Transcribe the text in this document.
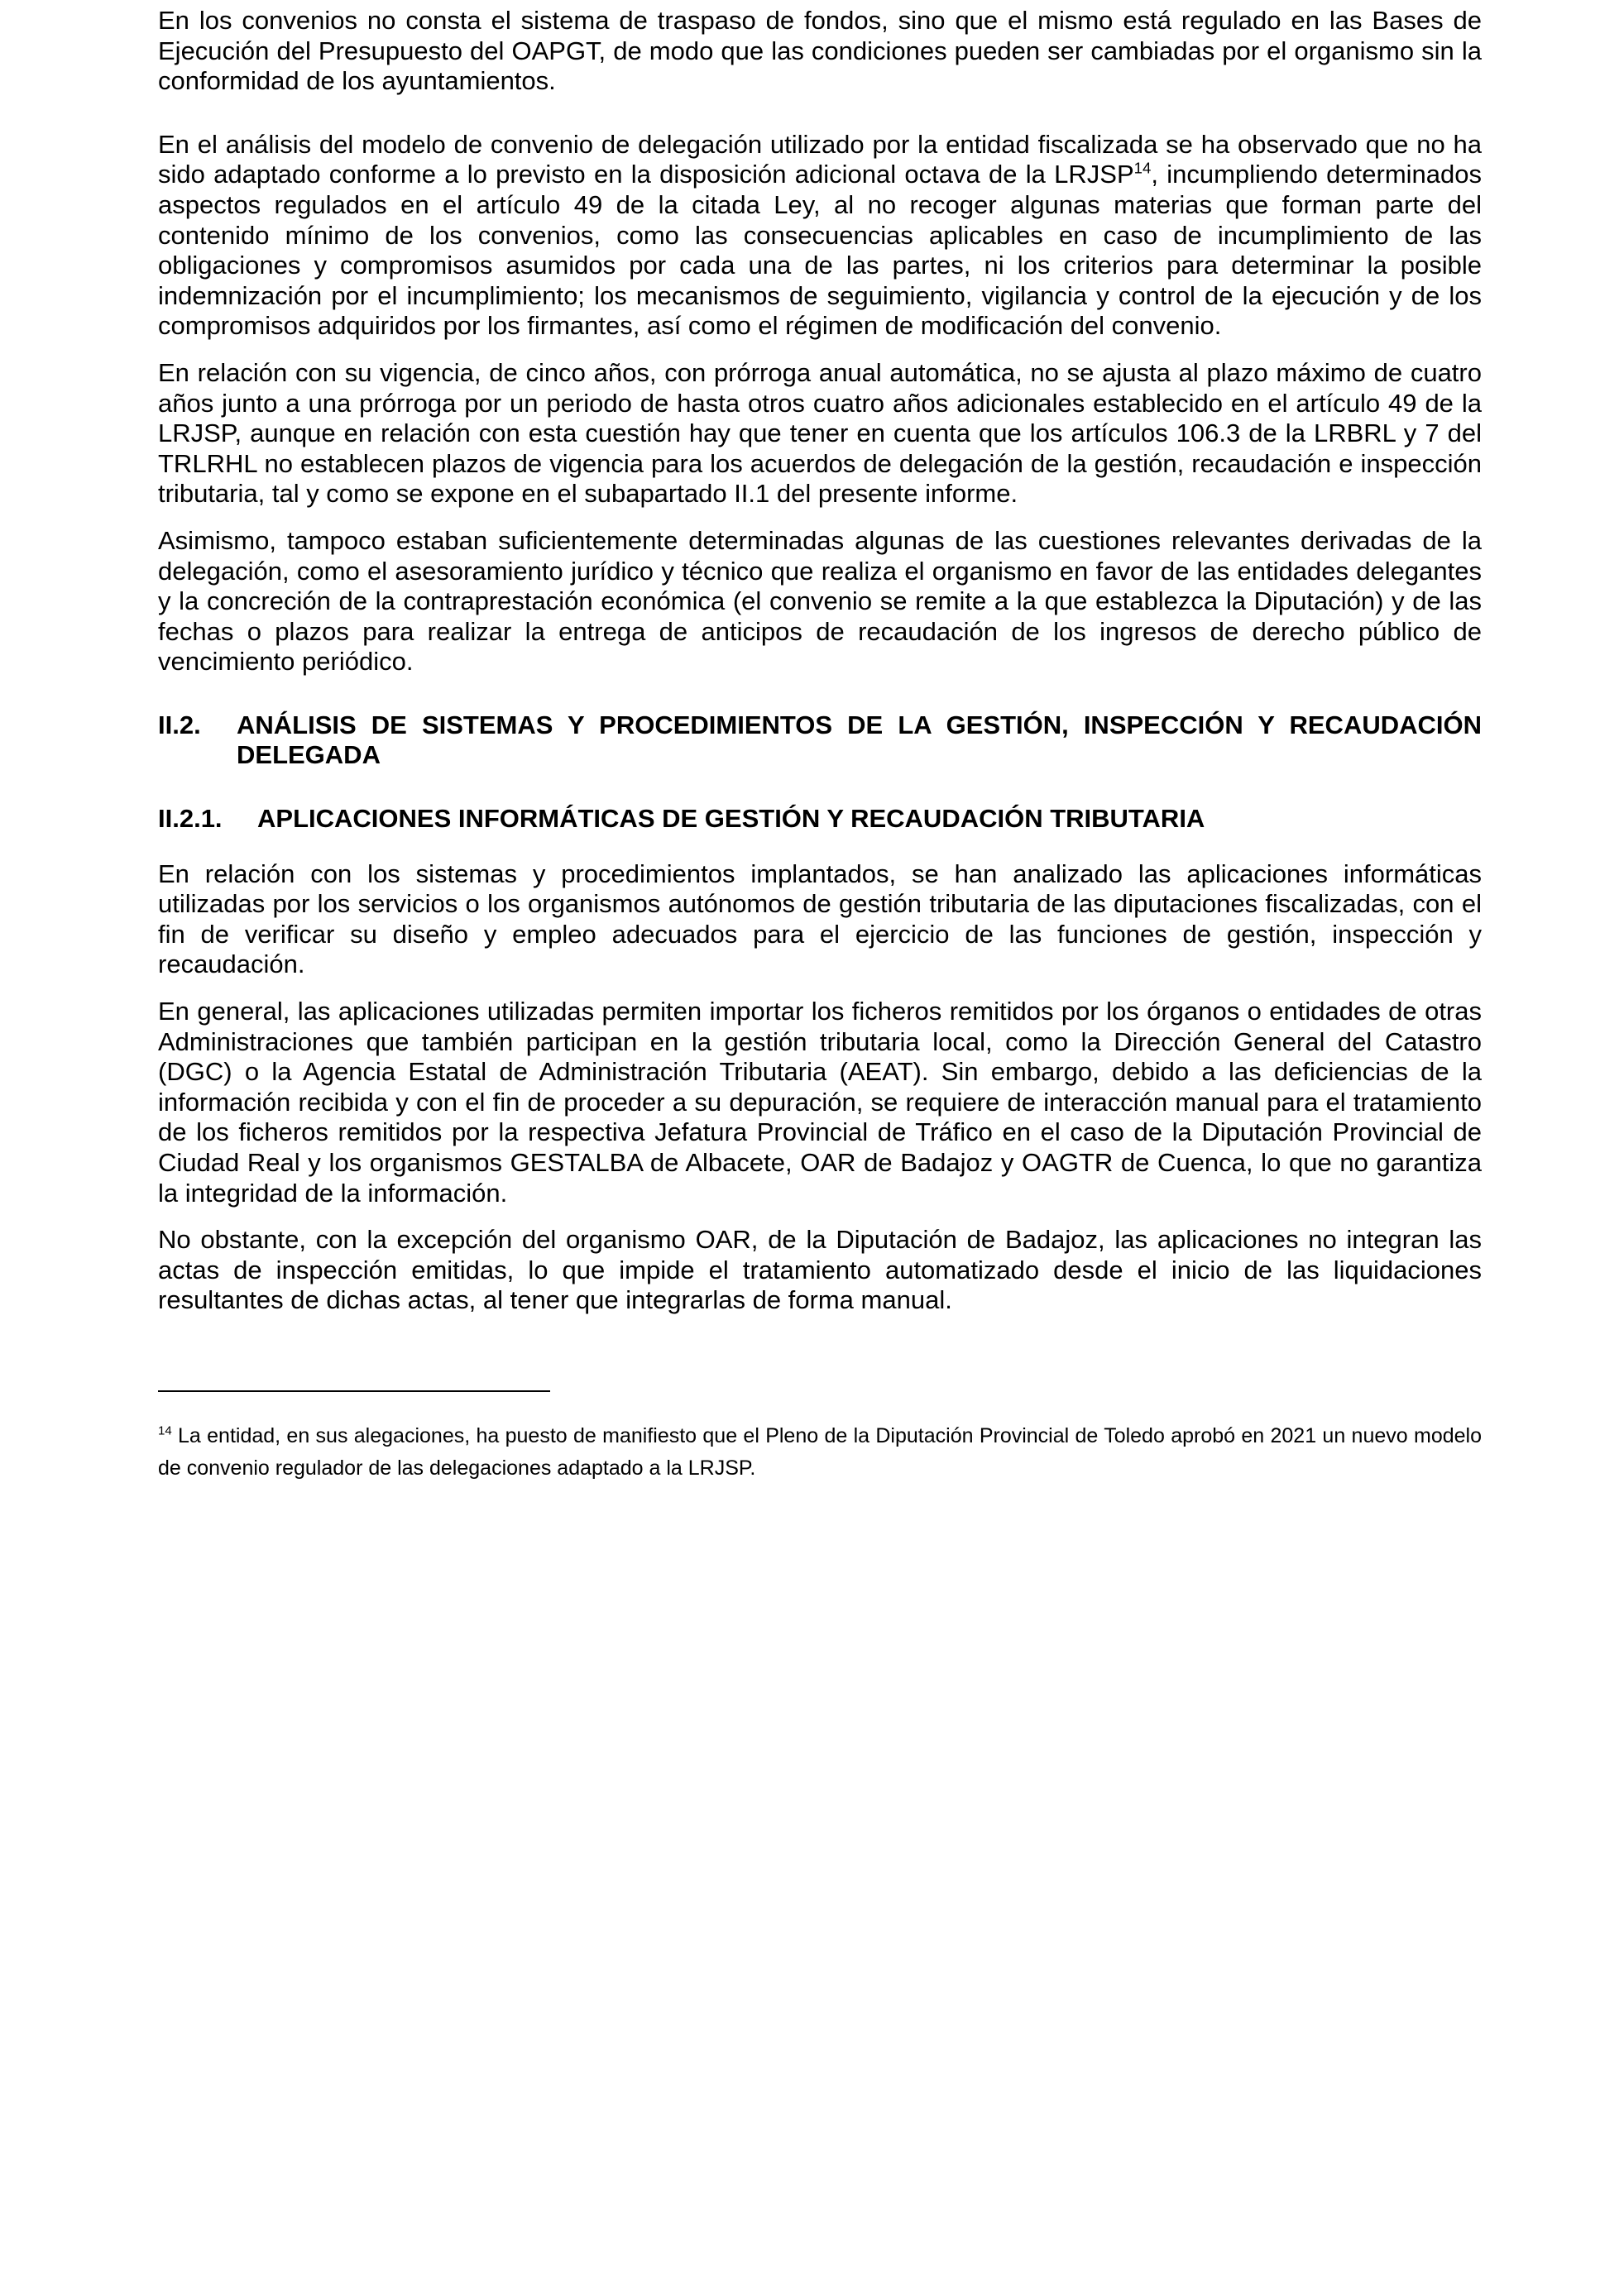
En los convenios no consta el sistema de traspaso de fondos, sino que el mismo está regulado en las Bases de Ejecución del Presupuesto del OAPGT, de modo que las condiciones pueden ser cambiadas por el organismo sin la conformidad de los ayuntamientos.

En el análisis del modelo de convenio de delegación utilizado por la entidad fiscalizada se ha observado que no ha sido adaptado conforme a lo previsto en la disposición adicional octava de la LRJSP$^{14}$, incumpliendo determinados aspectos regulados en el artículo 49 de la citada Ley, al no recoger algunas materias que forman parte del contenido mínimo de los convenios, como las consecuencias aplicables en caso de incumplimiento de las obligaciones y compromisos asumidos por cada una de las partes, ni los criterios para determinar la posible indemnización por el incumplimiento; los mecanismos de seguimiento, vigilancia y control de la ejecución y de los compromisos adquiridos por los firmantes, así como el régimen de modificación del convenio.

En relación con su vigencia, de cinco años, con prórroga anual automática, no se ajusta al plazo máximo de cuatro años junto a una prórroga por un periodo de hasta otros cuatro años adicionales establecido en el artículo 49 de la LRJSP, aunque en relación con esta cuestión hay que tener en cuenta que los artículos 106.3 de la LRBRL y 7 del TRLRHL no establecen plazos de vigencia para los acuerdos de delegación de la gestión, recaudación e inspección tributaria, tal y como se expone en el subapartado II.1 del presente informe.

Asimismo, tampoco estaban suficientemente determinadas algunas de las cuestiones relevantes derivadas de la delegación, como el asesoramiento jurídico y técnico que realiza el organismo en favor de las entidades delegantes y la concreción de la contraprestación económica (el convenio se remite a la que establezca la Diputación) y de las fechas o plazos para realizar la entrega de anticipos de recaudación de los ingresos de derecho público de vencimiento periódico.

II.2.	ANÁLISIS DE SISTEMAS Y PROCEDIMIENTOS DE LA GESTIÓN, INSPECCIÓN Y RECAUDACIÓN DELEGADA
II.2.1.	APLICACIONES INFORMÁTICAS DE GESTIÓN Y RECAUDACIÓN TRIBUTARIA

En relación con los sistemas y procedimientos implantados, se han analizado las aplicaciones informáticas utilizadas por los servicios o los organismos autónomos de gestión tributaria de las diputaciones fiscalizadas, con el fin de verificar su diseño y empleo adecuados para el ejercicio de las funciones de gestión, inspección y recaudación.

En general, las aplicaciones utilizadas permiten importar los ficheros remitidos por los órganos o entidades de otras Administraciones que también participan en la gestión tributaria local, como la Dirección General del Catastro (DGC) o la Agencia Estatal de Administración Tributaria (AEAT). Sin embargo, debido a las deficiencias de la información recibida y con el fin de proceder a su depuración, se requiere de interacción manual para el tratamiento de los ficheros remitidos por la respectiva Jefatura Provincial de Tráfico en el caso de la Diputación Provincial de Ciudad Real y los organismos GESTALBA de Albacete, OAR de Badajoz y OAGTR de Cuenca, lo que no garantiza la integridad de la información.

No obstante, con la excepción del organismo OAR, de la Diputación de Badajoz, las aplicaciones no integran las actas de inspección emitidas, lo que impide el tratamiento automatizado desde el inicio de las liquidaciones resultantes de dichas actas, al tener que integrarlas de forma manual.

$^{14}$ La entidad, en sus alegaciones, ha puesto de manifiesto que el Pleno de la Diputación Provincial de Toledo aprobó en 2021 un nuevo modelo de convenio regulador de las delegaciones adaptado a la LRJSP.
